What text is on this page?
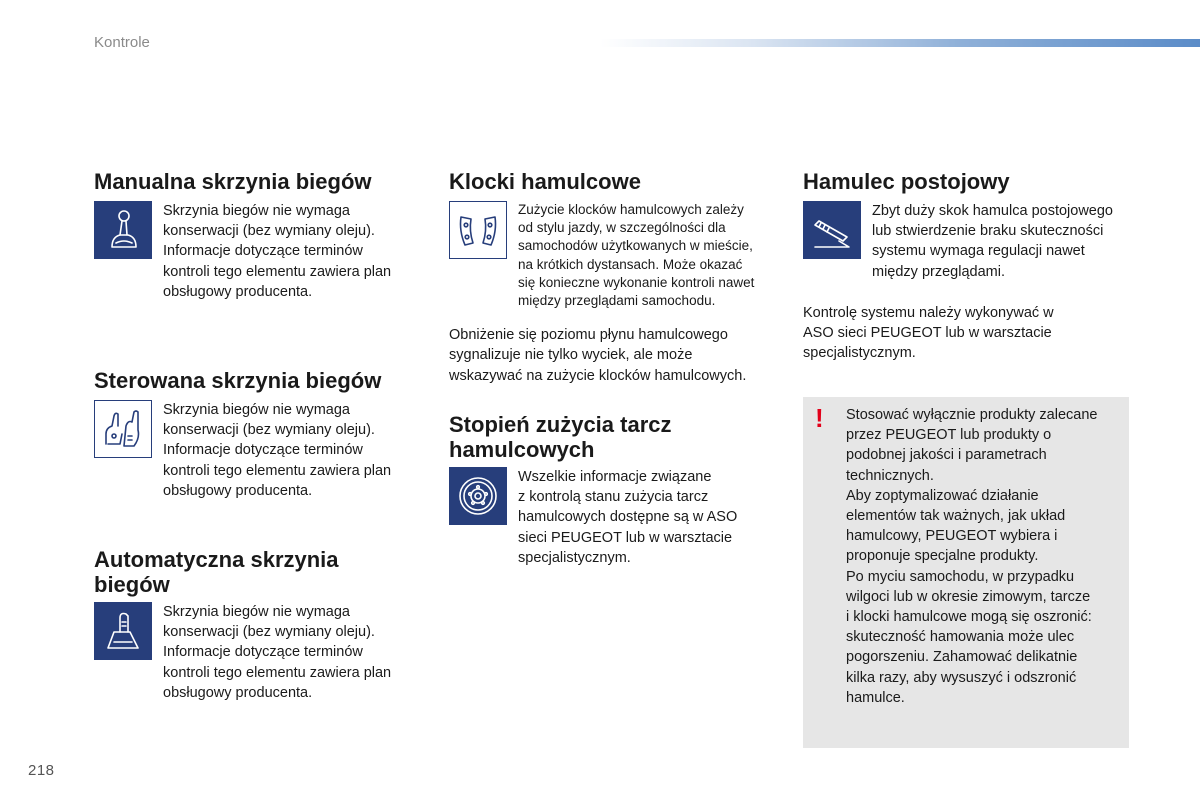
Kontrole
Manualna skrzynia biegów

Skrzynia biegów nie wymaga
konserwacji (bez wymiany oleju).
Informacje dotyczące terminów
kontroli tego elementu zawiera plan
obsługowy producenta.

Sterowana skrzynia biegów

Skrzynia biegów nie wymaga
konserwacji (bez wymiany oleju).
Informacje dotyczące terminów
kontroli tego elementu zawiera plan
obsługowy producenta.

Automatyczna skrzynia
biegów

Skrzynia biegów nie wymaga
konserwacji (bez wymiany oleju).
Informacje dotyczące terminów
kontroli tego elementu zawiera plan
obsługowy producenta.

Klocki hamulcowe

Zużycie klocków hamulcowych zależy
od stylu jazdy, w szczególności dla
samochodów użytkowanych w mieście,
na krótkich dystansach. Może okazać
się konieczne wykonanie kontroli nawet
między przeglądami samochodu.

Obniżenie się poziomu płynu hamulcowego
sygnalizuje nie tylko wyciek, ale może
wskazywać na zużycie klocków hamulcowych.

Stopień zużycia tarcz
hamulcowych

Wszelkie informacje związane
z kontrolą stanu zużycia tarcz
hamulcowych dostępne są w ASO
sieci PEUGEOT lub w warsztacie
specjalistycznym.

Hamulec postojowy

Zbyt duży skok hamulca postojowego
lub stwierdzenie braku skuteczności
systemu wymaga regulacji nawet
między przeglądami.

Kontrolę systemu należy wykonywać w
ASO sieci PEUGEOT lub w warsztacie
specjalistycznym.

! Stosować wyłącznie produkty zalecane
przez PEUGEOT lub produkty o
podobnej jakości i parametrach
technicznych.
Aby zoptymalizować działanie
elementów tak ważnych, jak układ
hamulcowy, PEUGEOT wybiera i
proponuje specjalne produkty.
Po myciu samochodu, w przypadku
wilgoci lub w okresie zimowym, tarcze
i klocki hamulcowe mogą się oszronić:
skuteczność hamowania może ulec
pogorszeniu. Zahamować delikatnie
kilka razy, aby wysuszyć i odszronić
hamulce.

218
